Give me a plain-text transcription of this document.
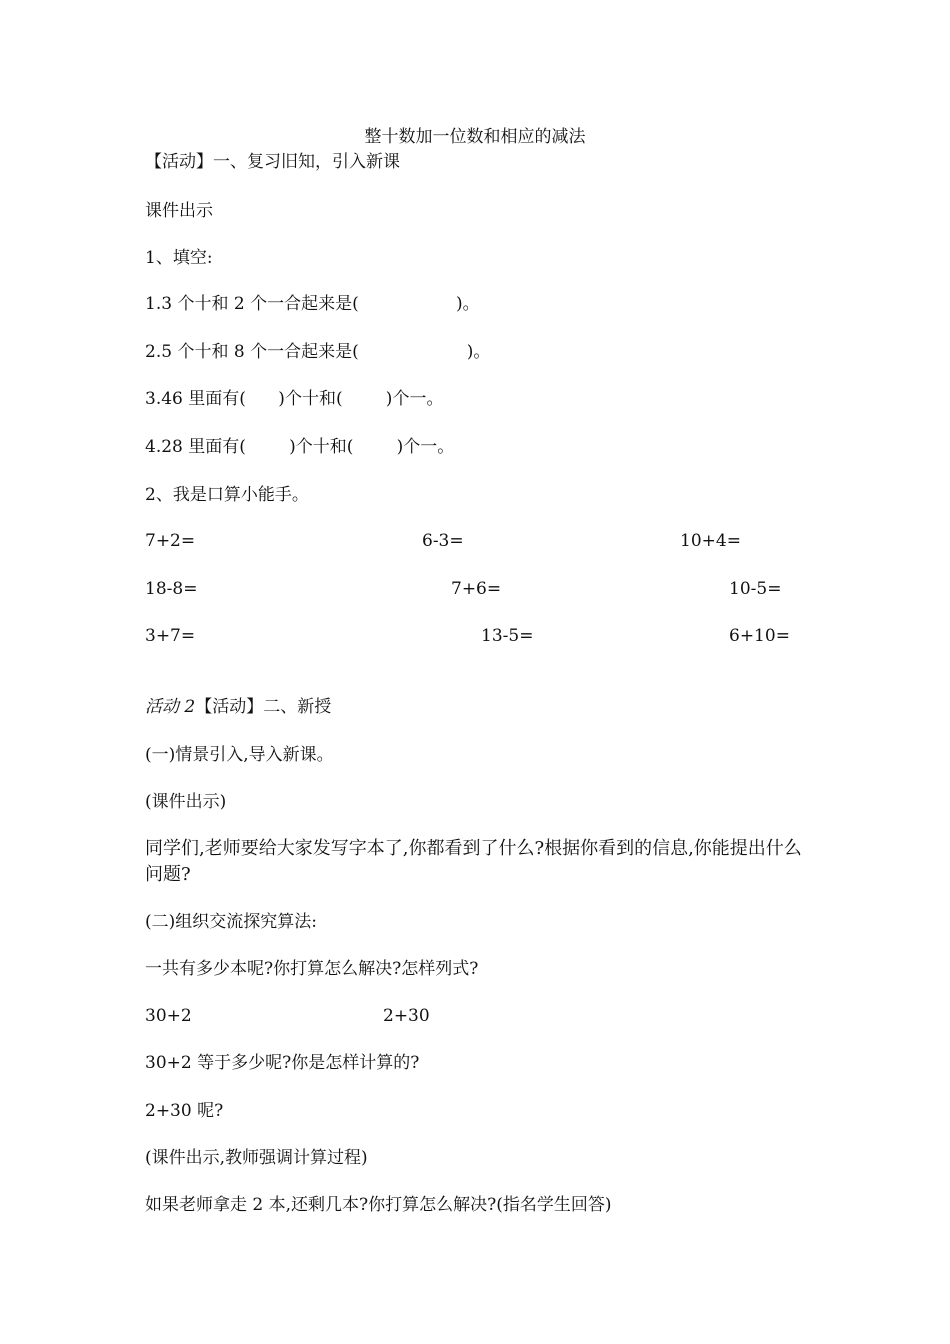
整十数加一位数和相应的减法
【活动】一、复习旧知，引入新课
课件出示
1、填空:
1.3 个十和 2 个一合起来是(                  )。
2.5 个十和 8 个一合起来是(                    )。
3.46 里面有(      )个十和(        )个一。
4.28 里面有(        )个十和(        )个一。
2、我是口算小能手。
7+2=	6-3=	10+4=
18-8=	7+6=	10-5=
3+7=	13-5=	6+10=
活动 2【活动】二、新授
(一)情景引入,导入新课。
(课件出示)
同学们,老师要给大家发写字本了,你都看到了什么?根据你看到的信息,你能提出什么问题?
(二)组织交流探究算法:
一共有多少本呢?你打算怎么解决?怎样列式?
30+2	2+30
30+2 等于多少呢?你是怎样计算的?
2+30 呢?
(课件出示,教师强调计算过程)
如果老师拿走 2 本,还剩几本?你打算怎么解决?(指名学生回答)
